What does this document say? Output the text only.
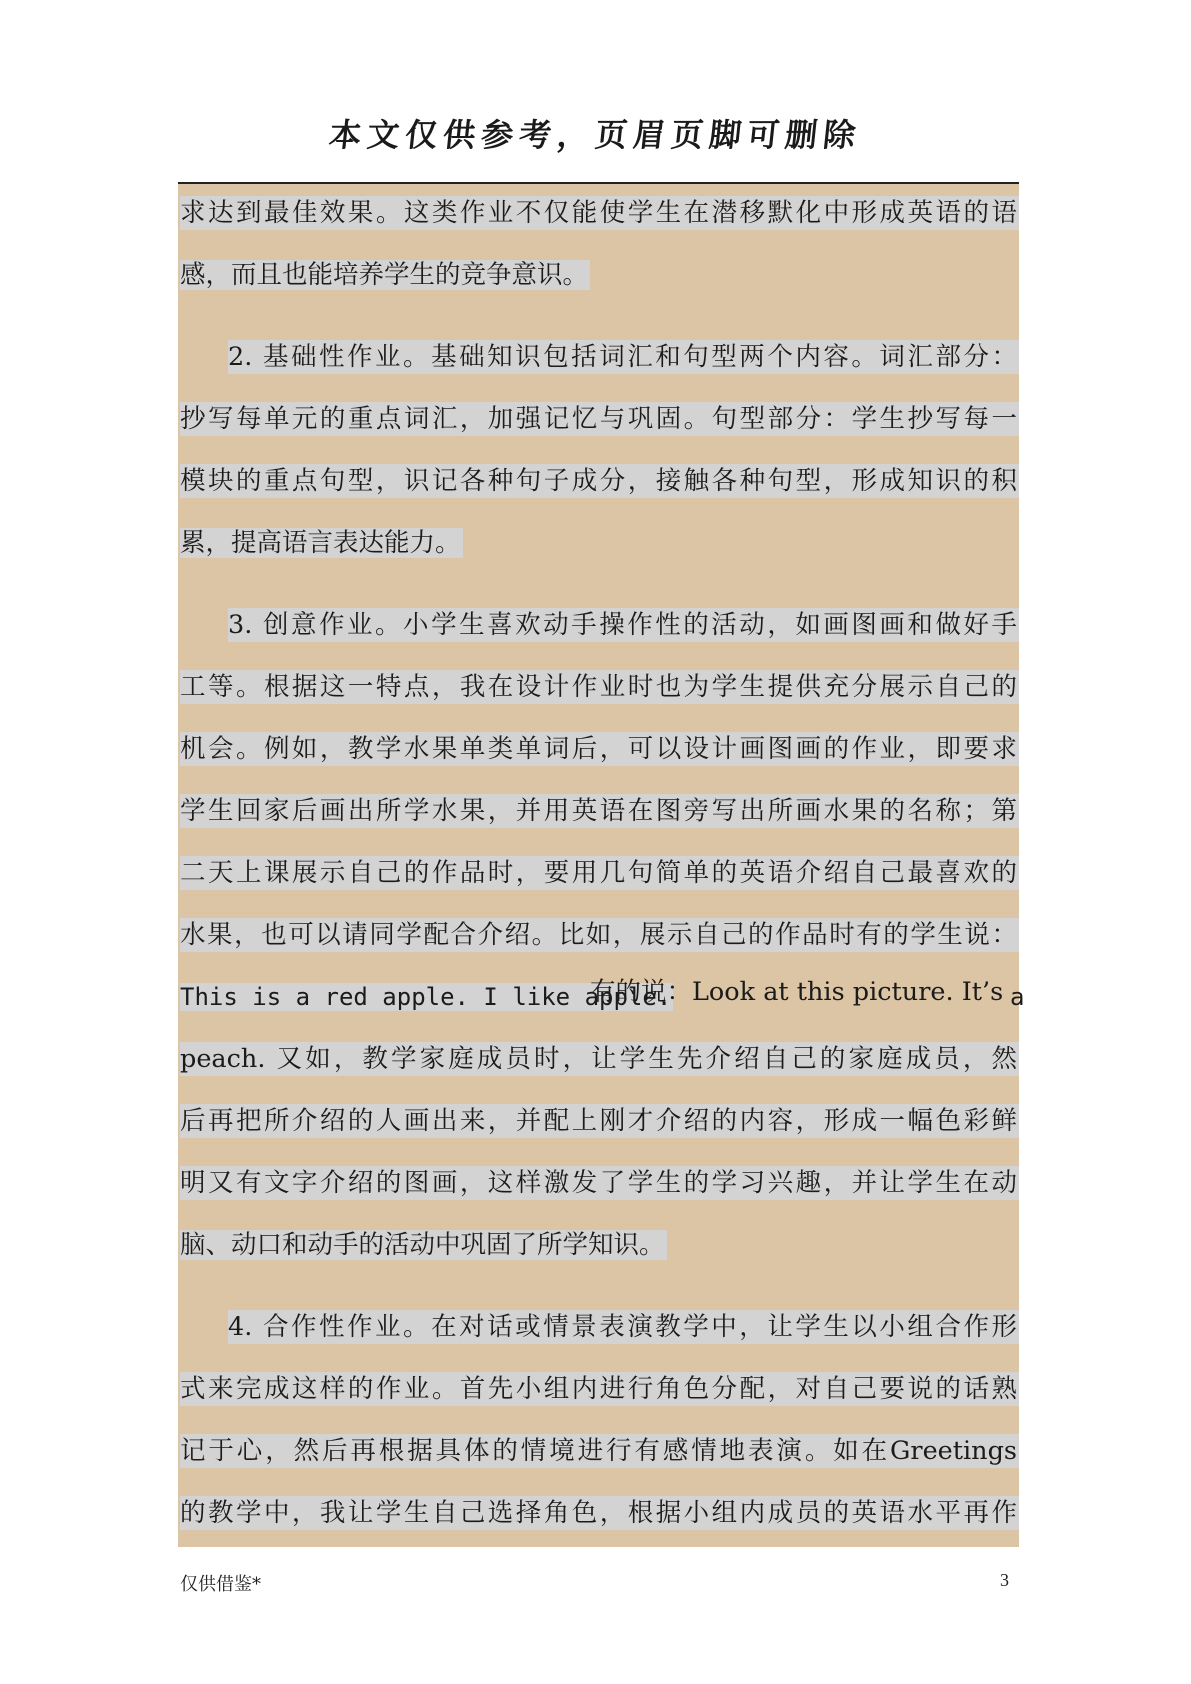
本文仅供参考，页眉页脚可删除
求达到最佳效果。这类作业不仅能使学生在潜移默化中形成英语的语
感，而且也能培养学生的竞争意识。
2. 基础性作业。基础知识包括词汇和句型两个内容。词汇部分：
抄写每单元的重点词汇，加强记忆与巩固。句型部分：学生抄写每一
模块的重点句型，识记各种句子成分，接触各种句型，形成知识的积
累，提高语言表达能力。
3. 创意作业。小学生喜欢动手操作性的活动，如画图画和做好手
工等。根据这一特点，我在设计作业时也为学生提供充分展示自己的
机会。例如，教学水果单类单词后，可以设计画图画的作业，即要求
学生回家后画出所学水果，并用英语在图旁写出所画水果的名称；第
二天上课展示自己的作品时，要用几句简单的英语介绍自己最喜欢的
水果，也可以请同学配合介绍。比如，展示自己的作品时有的学生说：
This is a red apple. I like apple.
有的说：Look at this picture. It’s a
peach. 又如，教学家庭成员时，让学生先介绍自己的家庭成员，然
后再把所介绍的人画出来，并配上刚才介绍的内容，形成一幅色彩鲜
明又有文字介绍的图画，这样激发了学生的学习兴趣，并让学生在动
脑、动口和动手的活动中巩固了所学知识。
4. 合作性作业。在对话或情景表演教学中，让学生以小组合作形
式来完成这样的作业。首先小组内进行角色分配，对自己要说的话熟
记于心，然后再根据具体的情境进行有感情地表演。如在Greetings
的教学中，我让学生自己选择角色，根据小组内成员的英语水平再作
仅供借鉴*	3
